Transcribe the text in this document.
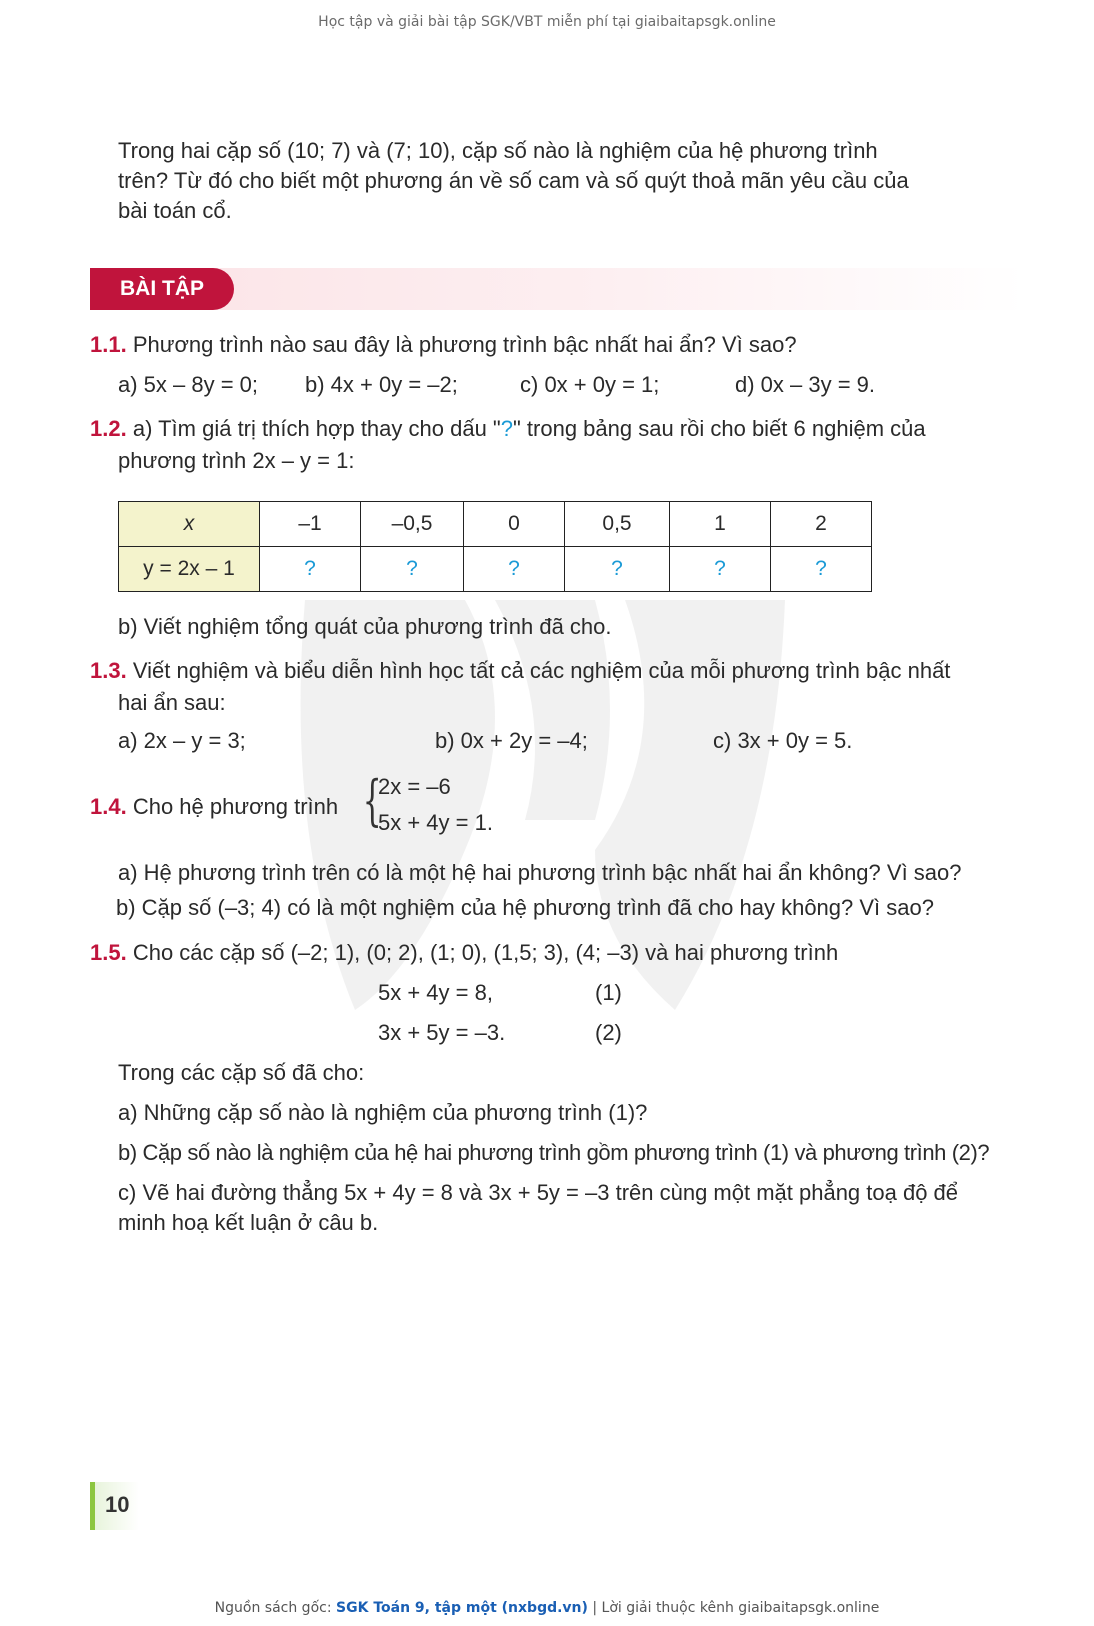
Học tập và giải bài tập SGK/VBT miễn phí tại giaibaitapsgk.online
Trong hai cặp số (10; 7) và (7; 10), cặp số nào là nghiệm của hệ phương trình
trên? Từ đó cho biết một phương án về số cam và số quýt thoả mãn yêu cầu của
bài toán cổ.
BÀI TẬP
1.1. Phương trình nào sau đây là phương trình bậc nhất hai ẩn? Vì sao?
a) 5x – 8y = 0; b) 4x + 0y = –2;	c) 0x + 0y = 1;	d) 0x – 3y = 9.
1.2. a) Tìm giá trị thích hợp thay cho dấu "?" trong bảng sau rồi cho biết 6 nghiệm của
phương trình 2x – y = 1:
x	–1	–0,5	0	0,5	1	2
y = 2x – 1	?	?	?	?	?	?
b) Viết nghiệm tổng quát của phương trình đã cho.
1.3. Viết nghiệm và biểu diễn hình học tất cả các nghiệm của mỗi phương trình bậc nhất
hai ẩn sau:
a) 2x – y = 3;	b) 0x + 2y = –4;	c) 3x + 0y = 5.
1.4. Cho hệ phương trình {
2x = –6
5x + 4y = 1.
a) Hệ phương trình trên có là một hệ hai phương trình bậc nhất hai ẩn không? Vì sao?
b) Cặp số (–3; 4) có là một nghiệm của hệ phương trình đã cho hay không? Vì sao?
1.5. Cho các cặp số (–2; 1), (0; 2), (1; 0), (1,5; 3), (4; –3) và hai phương trình
5x + 4y = 8,	(1)
3x + 5y = –3.	(2)
Trong các cặp số đã cho:
a) Những cặp số nào là nghiệm của phương trình (1)?
b) Cặp số nào là nghiệm của hệ hai phương trình gồm phương trình (1) và phương trình (2)?
c) Vẽ hai đường thẳng 5x + 4y = 8 và 3x + 5y = –3 trên cùng một mặt phẳng toạ độ để
minh hoạ kết luận ở câu b.
10
Nguồn sách gốc: SGK Toán 9, tập một (nxbgd.vn) | Lời giải thuộc kênh giaibaitapsgk.online
